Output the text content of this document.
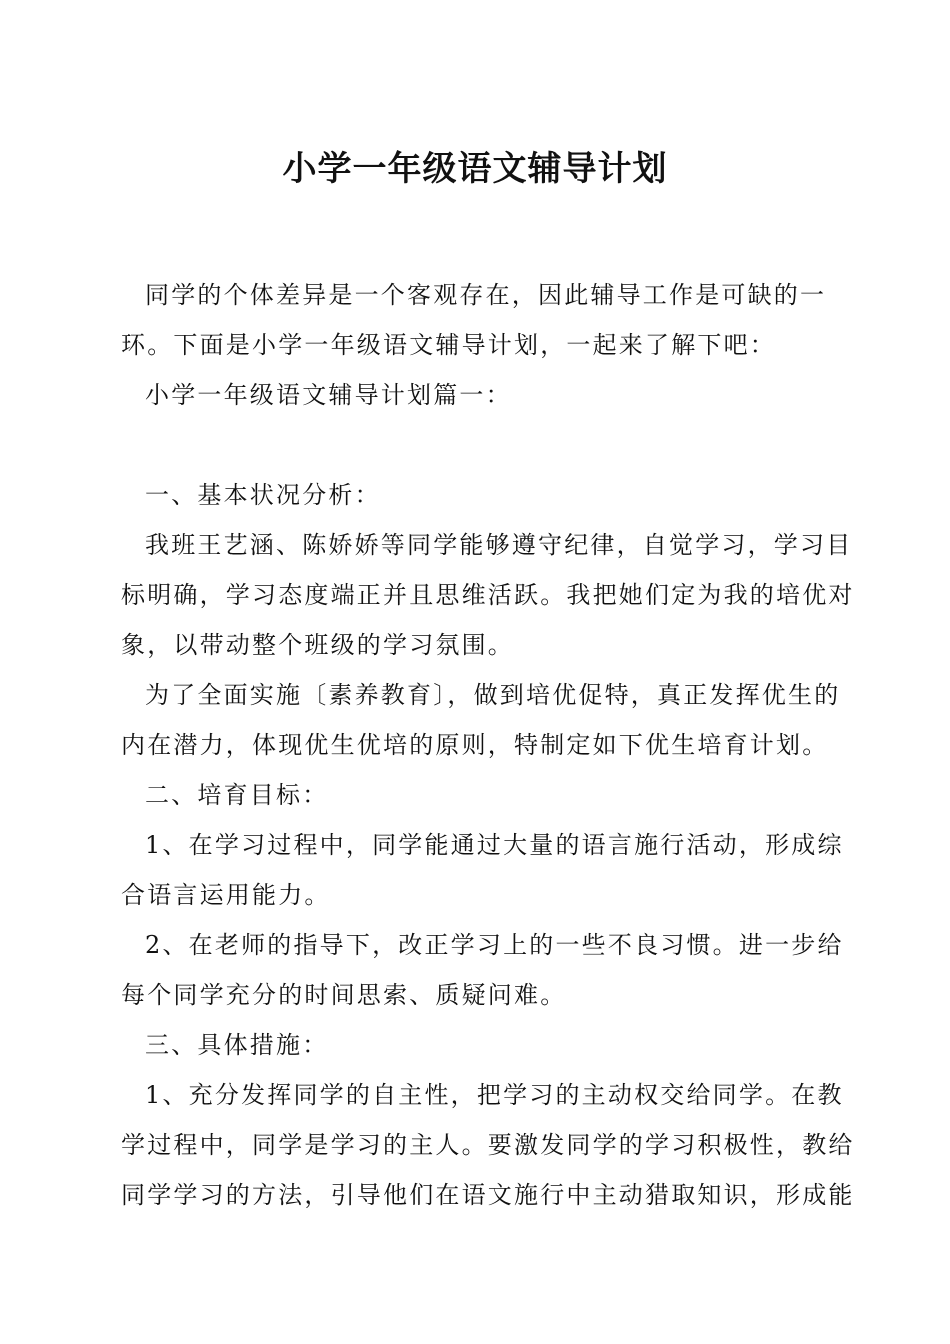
小学一年级语文辅导计划

同学的个体差异是一个客观存在，因此辅导工作是可缺的一环。下面是小学一年级语文辅导计划，一起来了解下吧：

小学一年级语文辅导计划篇一：

一、基本状况分析：

我班王艺涵、陈娇娇等同学能够遵守纪律，自觉学习，学习目标明确，学习态度端正并且思维活跃。我把她们定为我的培优对象，以带动整个班级的学习氛围。

为了全面实施〔素养教育〕，做到培优促特，真正发挥优生的内在潜力，体现优生优培的原则，特制定如下优生培育计划。

二、培育目标：

1、在学习过程中，同学能通过大量的语言施行活动，形成综合语言运用能力。

2、在老师的指导下，改正学习上的一些不良习惯。进一步给每个同学充分的时间思索、质疑问难。

三、具体措施：

1、充分发挥同学的自主性，把学习的主动权交给同学。在教学过程中，同学是学习的主人。要激发同学的学习积极性，教给同学学习的方法，引导他们在语文施行中主动猎取知识，形成能
